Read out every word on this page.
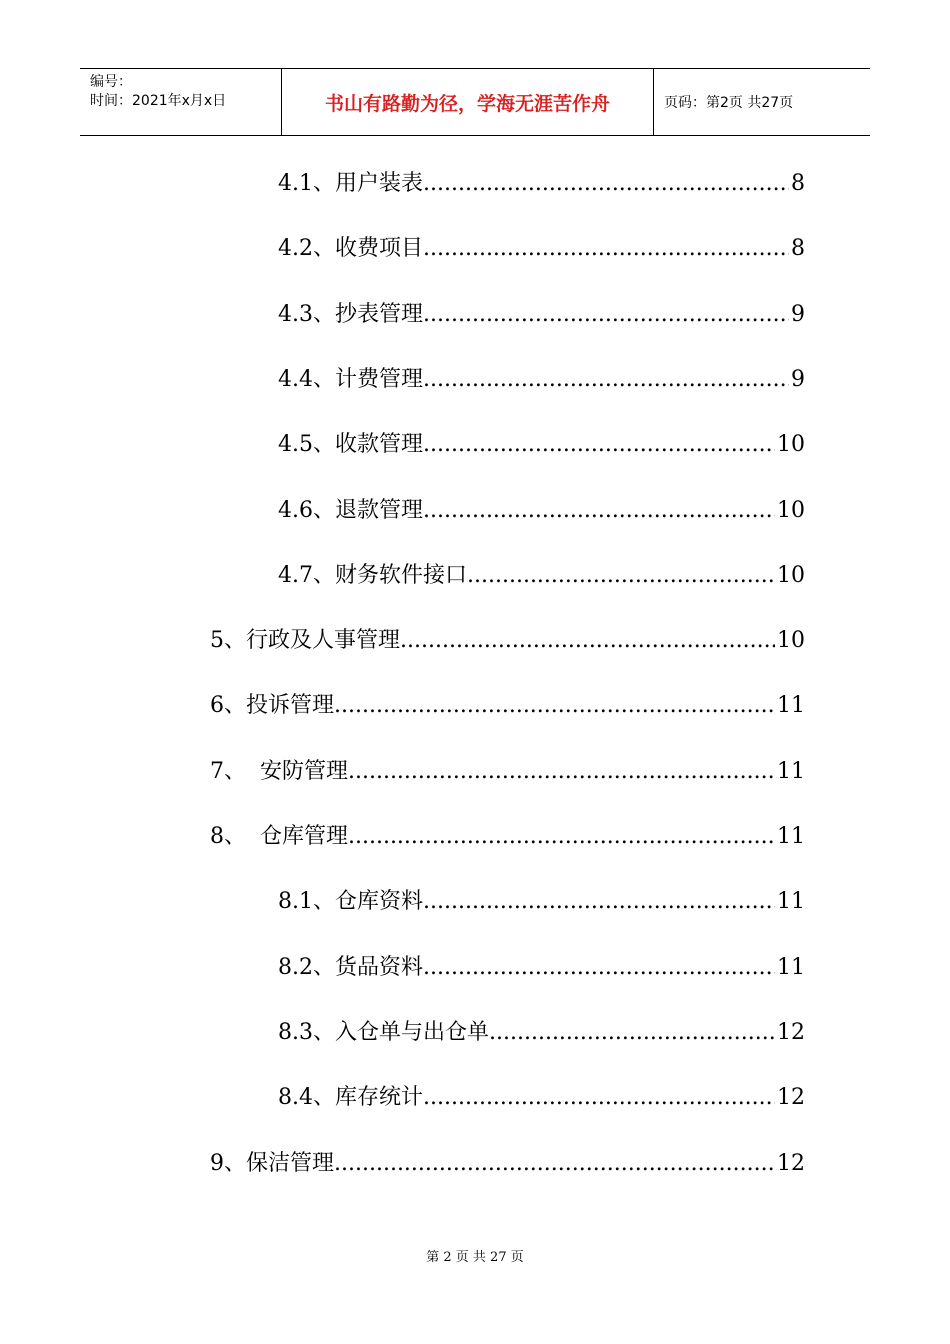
编号：
时间：2021年x月x日	书山有路勤为径，学海无涯苦作舟	页码：第2页 共27页
4.1、用户装表 .....	8
4.2、收费项目 .....	8
4.3、抄表管理 .....	9
4.4、计费管理 .....	9
4.5、收款管理 .....	10
4.6、退款管理 .....	10
4.7、财务软件接口 .....	10
5、行政及人事管理 .....	10
6、投诉管理 .....	11
7、  安防管理 .....	11
8、  仓库管理 .....	11
8.1、仓库资料 .....	11
8.2、货品资料 .....	11
8.3、入仓单与出仓单 .....	12
8.4、库存统计 .....	12
9、保洁管理 .....	12
第 2 页 共 27 页
